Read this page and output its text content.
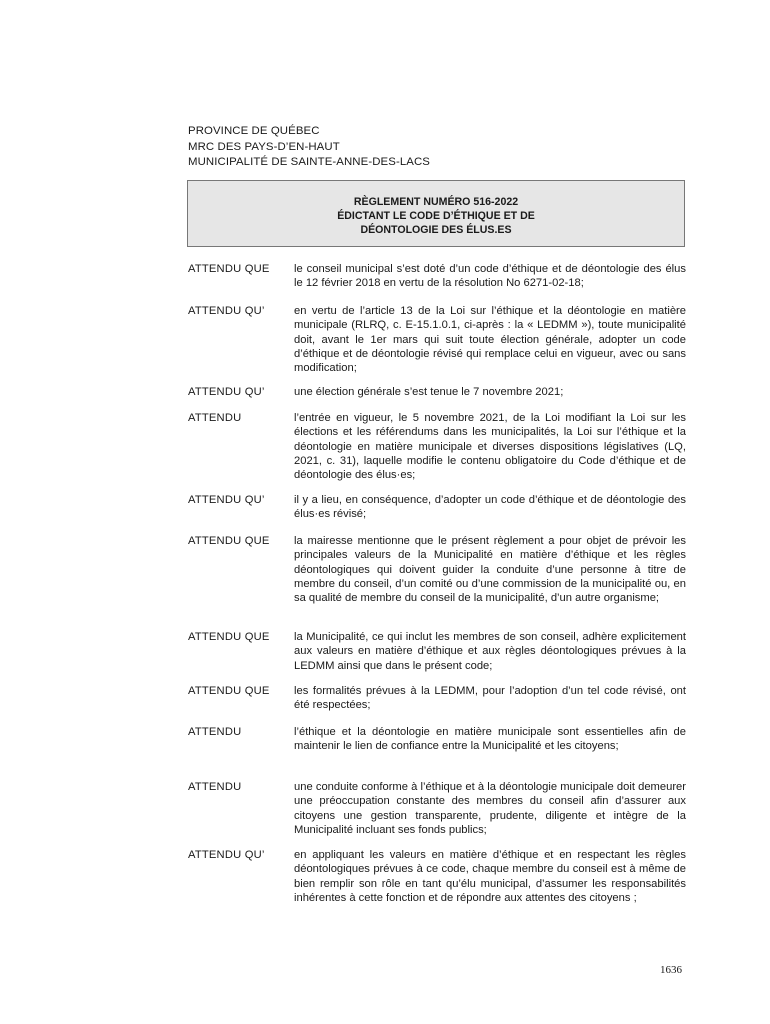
PROVINCE DE QUÉBEC
MRC DES PAYS-D’EN-HAUT
MUNICIPALITÉ DE SAINTE-ANNE-DES-LACS
RÈGLEMENT NUMÉRO 516-2022
ÉDICTANT LE CODE D’ÉTHIQUE ET DE
DÉONTOLOGIE DES ÉLUS.ES
ATTENDU QUE	le conseil municipal s’est doté d’un code d’éthique et de déontologie des élus le 12 février 2018 en vertu de la résolution No 6271-02-18;
ATTENDU QU’	en vertu de l’article 13 de la Loi sur l’éthique et la déontologie en matière municipale (RLRQ, c. E-15.1.0.1, ci-après : la « LEDMM »), toute municipalité doit, avant le 1er mars qui suit toute élection générale, adopter un code d’éthique et de déontologie révisé qui remplace celui en vigueur, avec ou sans modification;
ATTENDU QU’	une élection générale s’est tenue le 7 novembre 2021;
ATTENDU	l’entrée en vigueur, le 5 novembre 2021, de la Loi modifiant la Loi sur les élections et les référendums dans les municipalités, la Loi sur l’éthique et la déontologie en matière municipale et diverses dispositions législatives (LQ, 2021, c. 31), laquelle modifie le contenu obligatoire du Code d’éthique et de déontologie des élus·es;
ATTENDU QU’	il y a lieu, en conséquence, d’adopter un code d’éthique et de déontologie des élus·es révisé;
ATTENDU QUE	la mairesse mentionne que le présent règlement a pour objet de prévoir les principales valeurs de la Municipalité en matière d’éthique et les règles déontologiques qui doivent guider la conduite d’une personne à titre de membre du conseil, d’un comité ou d’une commission de la municipalité ou, en sa qualité de membre du conseil de la municipalité, d’un autre organisme;
ATTENDU QUE	la Municipalité, ce qui inclut les membres de son conseil, adhère explicitement aux valeurs en matière d’éthique et aux règles déontologiques prévues à la LEDMM ainsi que dans le présent code;
ATTENDU QUE	les formalités prévues à la LEDMM, pour l’adoption d’un tel code révisé, ont été respectées;
ATTENDU	l’éthique et la déontologie en matière municipale sont essentielles afin de maintenir le lien de confiance entre la Municipalité et les citoyens;
ATTENDU	une conduite conforme à l’éthique et à la déontologie municipale doit demeurer une préoccupation constante des membres du conseil afin d’assurer aux citoyens une gestion transparente, prudente, diligente et intègre de la Municipalité incluant ses fonds publics;
ATTENDU QU’	en appliquant les valeurs en matière d’éthique et en respectant les règles déontologiques prévues à ce code, chaque membre du conseil est à même de bien remplir son rôle en tant qu’élu municipal, d’assumer les responsabilités inhérentes à cette fonction et de répondre aux attentes des citoyens ;
1636
